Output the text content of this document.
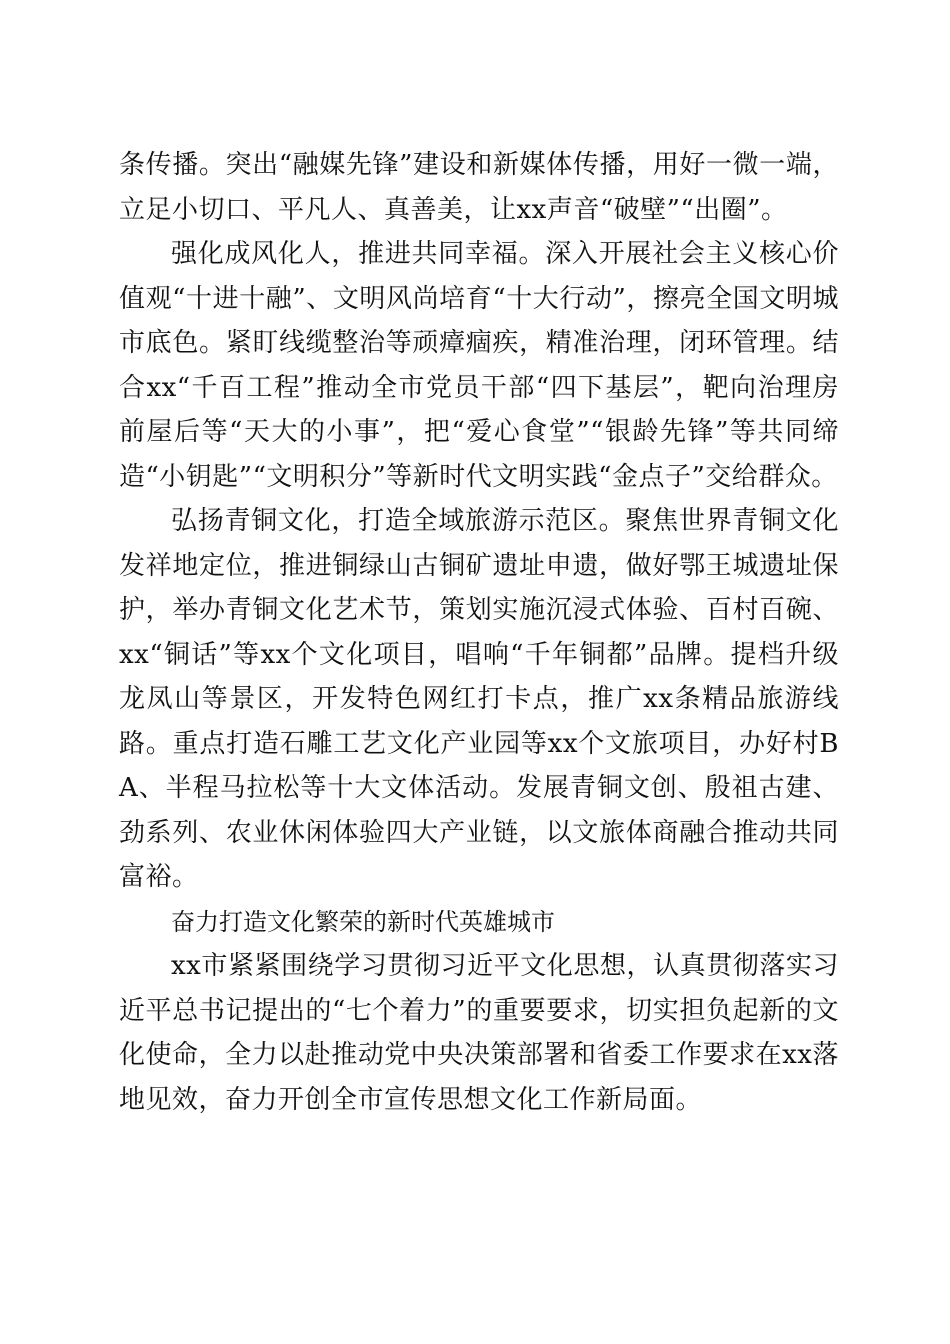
条传播。突出“融媒先锋”建设和新媒体传播，用好一微一端，立足小切口、平凡人、真善美，让xx声音“破壁”“出圈”。

强化成风化人，推进共同幸福。深入开展社会主义核心价值观“十进十融”、文明风尚培育“十大行动”，擦亮全国文明城市底色。紧盯线缆整治等顽瘴痼疾，精准治理，闭环管理。结合xx“千百工程”推动全市党员干部“四下基层”，靶向治理房前屋后等“天大的小事”，把“爱心食堂”“银龄先锋”等共同缔造“小钥匙”“文明积分”等新时代文明实践“金点子”交给群众。

弘扬青铜文化，打造全域旅游示范区。聚焦世界青铜文化发祥地定位，推进铜绿山古铜矿遗址申遗，做好鄂王城遗址保护，举办青铜文化艺术节，策划实施沉浸式体验、百村百碗、xx“铜话”等xx个文化项目，唱响“千年铜都”品牌。提档升级龙凤山等景区，开发特色网红打卡点，推广xx条精品旅游线路。重点打造石雕工艺文化产业园等xx个文旅项目，办好村BA、半程马拉松等十大文体活动。发展青铜文创、殷祖古建、劲系列、农业休闲体验四大产业链，以文旅体商融合推动共同富裕。

奋力打造文化繁荣的新时代英雄城市

xx市紧紧围绕学习贯彻习近平文化思想，认真贯彻落实习近平总书记提出的“七个着力”的重要要求，切实担负起新的文化使命，全力以赴推动党中央决策部署和省委工作要求在xx落地见效，奋力开创全市宣传思想文化工作新局面。
